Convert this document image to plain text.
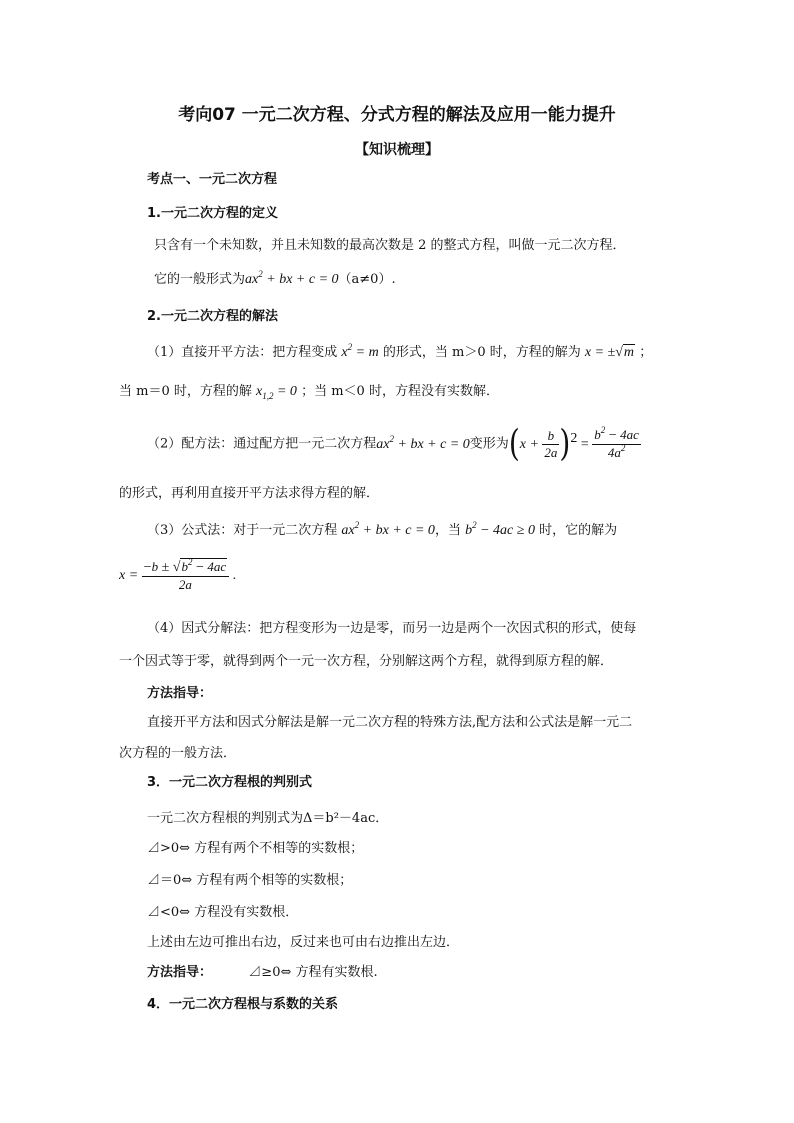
考向07 一元二次方程、分式方程的解法及应用一能力提升
【知识梳理】
考点一、一元二次方程
1.一元二次方程的定义
只含有一个未知数，并且未知数的最高次数是 2 的整式方程，叫做一元二次方程．
它的一般形式为$ax^2$ + bx + c = 0（a≠0）.
2.一元二次方程的解法
（1）直接开平方法：把方程变成 $x^2 = m$ 的形式，当 m＞0 时，方程的解为 x = ±√m ；
当 m＝0 时，方程的解 $x_{1,2} = 0$ ；当 m＜0 时，方程没有实数解．
（2）配方法：通过配方把一元二次方程$ax^2$ + bx + c = 0变形为$(x + \frac{b}{2a} )^2 = \frac{b^2 - 4ac}{4a^2}$
的形式，再利用直接开平方法求得方程的解．
（3）公式法：对于一元二次方程 $ax^2$ + bx + c = 0，当 $b^2 - 4ac \ge 0$ 时，它的解为
$x = \frac{-b \pm √b^2 - 4ac}{2a}$ .
（4）因式分解法：把方程变形为一边是零，而另一边是两个一次因式积的形式，使每
一个因式等于零，就得到两个一元一次方程，分别解这两个方程，就得到原方程的解．
方法指导：
直接开平方法和因式分解法是解一元二次方程的特殊方法,配方法和公式法是解一元二
次方程的一般方法．
3．一元二次方程根的判别式
一元二次方程根的判别式为Δ＝b²－4ac．
⊿>0⇔ 方程有两个不相等的实数根；
⊿＝0⇔ 方程有两个相等的实数根；
⊿<0⇔ 方程没有实数根．
上述由左边可推出右边，反过来也可由右边推出左边．
方法指导：	⊿≥0⇔ 方程有实数根.
4．一元二次方程根与系数的关系
